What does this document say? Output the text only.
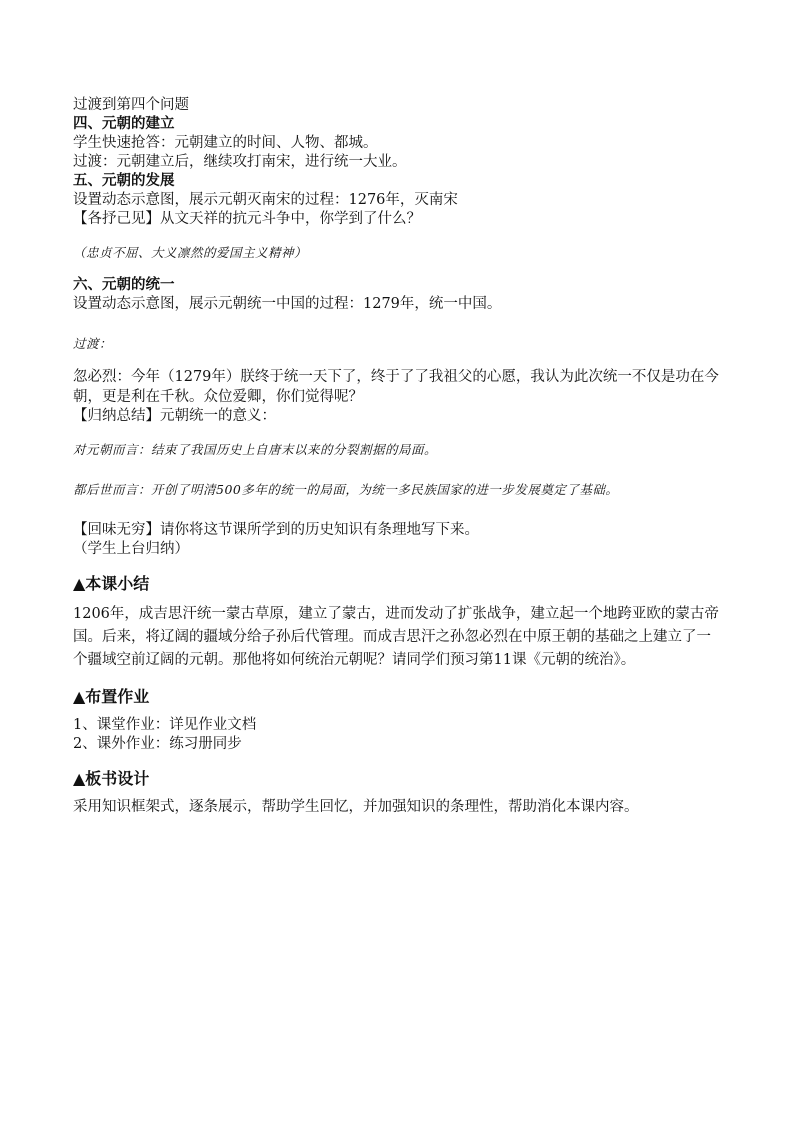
过渡到第四个问题
四、元朝的建立
学生快速抢答：元朝建立的时间、人物、都城。
过渡：元朝建立后，继续攻打南宋，进行统一大业。
五、元朝的发展
设置动态示意图，展示元朝灭南宋的过程：1276年，灭南宋
【各抒己见】从文天祥的抗元斗争中，你学到了什么？
（忠贞不屈、大义凛然的爱国主义精神）
六、元朝的统一
设置动态示意图，展示元朝统一中国的过程：1279年，统一中国。
过渡：
忽必烈：今年（1279年）朕终于统一天下了，终于了了我祖父的心愿，我认为此次统一不仅是功在今朝，更是利在千秋。众位爱卿，你们觉得呢？
【归纳总结】元朝统一的意义：
对元朝而言：结束了我国历史上自唐末以来的分裂割据的局面。
都后世而言：开创了明清500多年的统一的局面，为统一多民族国家的进一步发展奠定了基础。
【回味无穷】请你将这节课所学到的历史知识有条理地写下来。
（学生上台归纳）
▲本课小结
1206年，成吉思汗统一蒙古草原，建立了蒙古，进而发动了扩张战争，建立起一个地跨亚欧的蒙古帝国。后来，将辽阔的疆域分给子孙后代管理。而成吉思汗之孙忽必烈在中原王朝的基础之上建立了一个疆域空前辽阔的元朝。那他将如何统治元朝呢？请同学们预习第11课《元朝的统治》。
▲布置作业
1、课堂作业：详见作业文档
2、课外作业：练习册同步
▲板书设计
采用知识框架式，逐条展示，帮助学生回忆，并加强知识的条理性，帮助消化本课内容。
